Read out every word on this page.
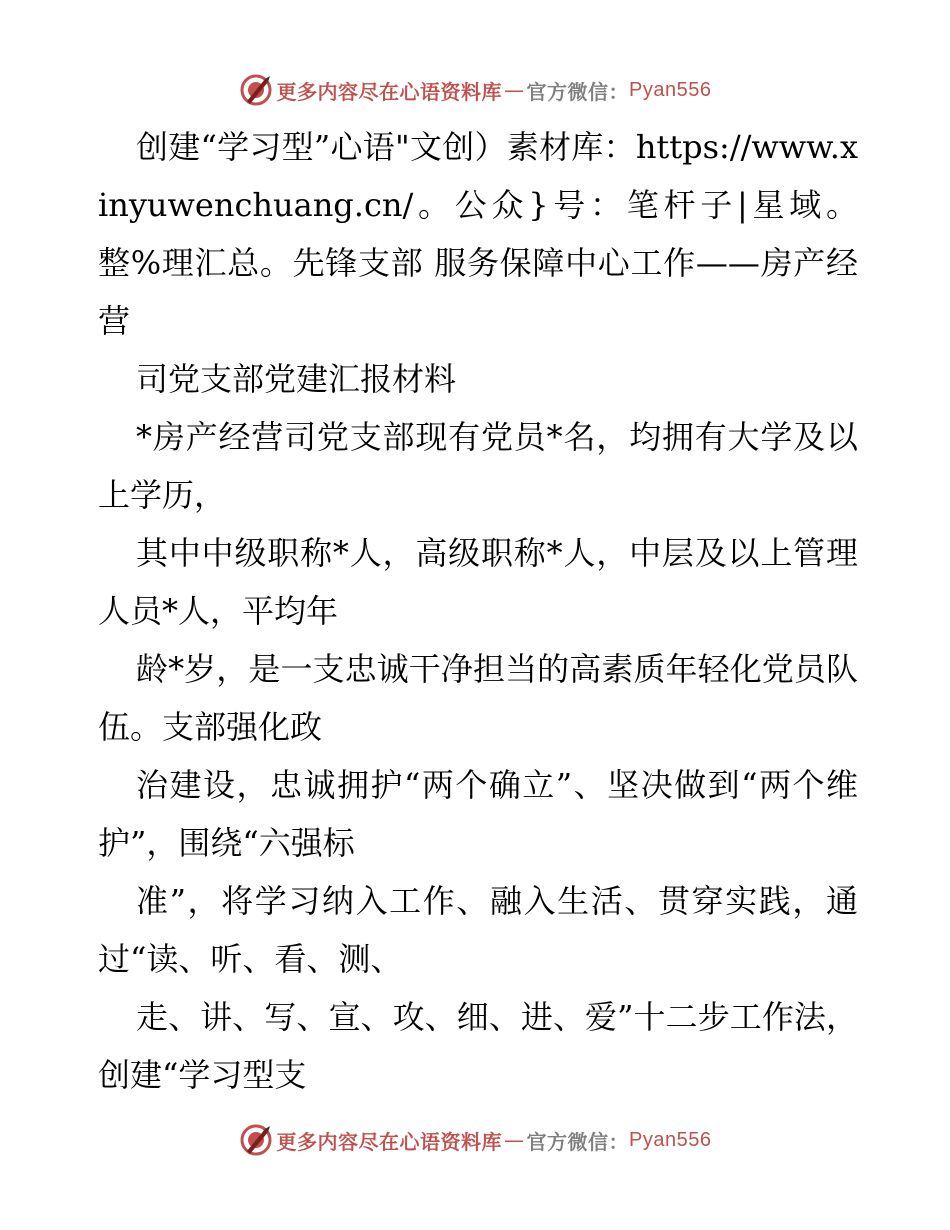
更多内容尽在心语资料库 — 官方微信： Pyan556

创建“学习型”心语"文创）素材库：https://www.xinyuwenchuang.cn/。公众}号：笔杆子|星域。整%理汇总。先锋支部 服务保障中心工作——房产经营

司党支部党建汇报材料

*房产经营司党支部现有党员*名，均拥有大学及以上学历，

其中中级职称*人，高级职称*人，中层及以上管理人员*人，平均年

龄*岁，是一支忠诚干净担当的高素质年轻化党员队伍。支部强化政

治建设，忠诚拥护“两个确立”、坚决做到“两个维护”，围绕“六强标

准”，将学习纳入工作、融入生活、贯穿实践，通过“读、听、看、测、

走、讲、写、宣、攻、细、进、爱”十二步工作法，创建“学习型支

更多内容尽在心语资料库 — 官方微信： Pyan556
